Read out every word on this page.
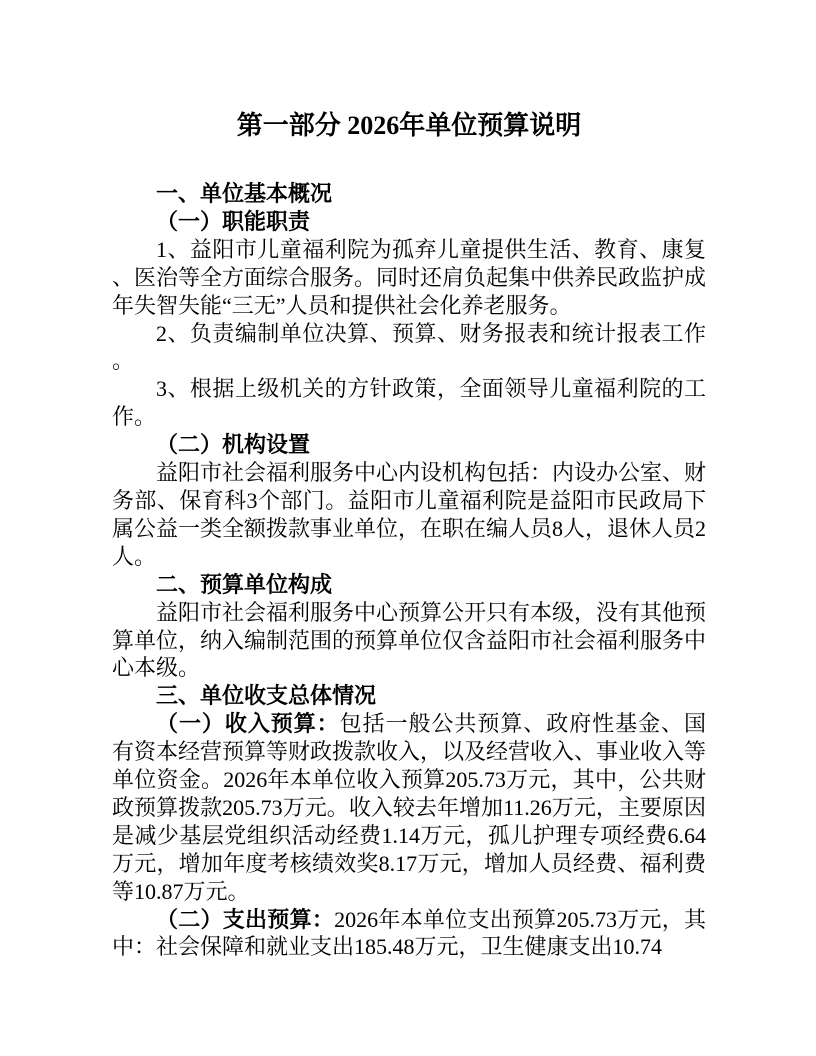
第一部分 2026年单位预算说明

一、单位基本概况

（一）职能职责

1、益阳市儿童福利院为孤弃儿童提供生活、教育、康复、医治等全方面综合服务。同时还肩负起集中供养民政监护成年失智失能“三无”人员和提供社会化养老服务。

2、负责编制单位决算、预算、财务报表和统计报表工作。

3、根据上级机关的方针政策，全面领导儿童福利院的工作。

（二）机构设置

益阳市社会福利服务中心内设机构包括：内设办公室、财务部、保育科3个部门。益阳市儿童福利院是益阳市民政局下属公益一类全额拨款事业单位，在职在编人员8人，退休人员2人。

二、预算单位构成

益阳市社会福利服务中心预算公开只有本级，没有其他预算单位，纳入编制范围的预算单位仅含益阳市社会福利服务中心本级。

三、单位收支总体情况

（一）收入预算：包括一般公共预算、政府性基金、国有资本经营预算等财政拨款收入，以及经营收入、事业收入等单位资金。2026年本单位收入预算205.73万元，其中，公共财政预算拨款205.73万元。收入较去年增加11.26万元，主要原因是减少基层党组织活动经费1.14万元，孤儿护理专项经费6.64万元，增加年度考核绩效奖8.17万元，增加人员经费、福利费等10.87万元。

（二）支出预算：2026年本单位支出预算205.73万元，其中：社会保障和就业支出185.48万元，卫生健康支出10.74
